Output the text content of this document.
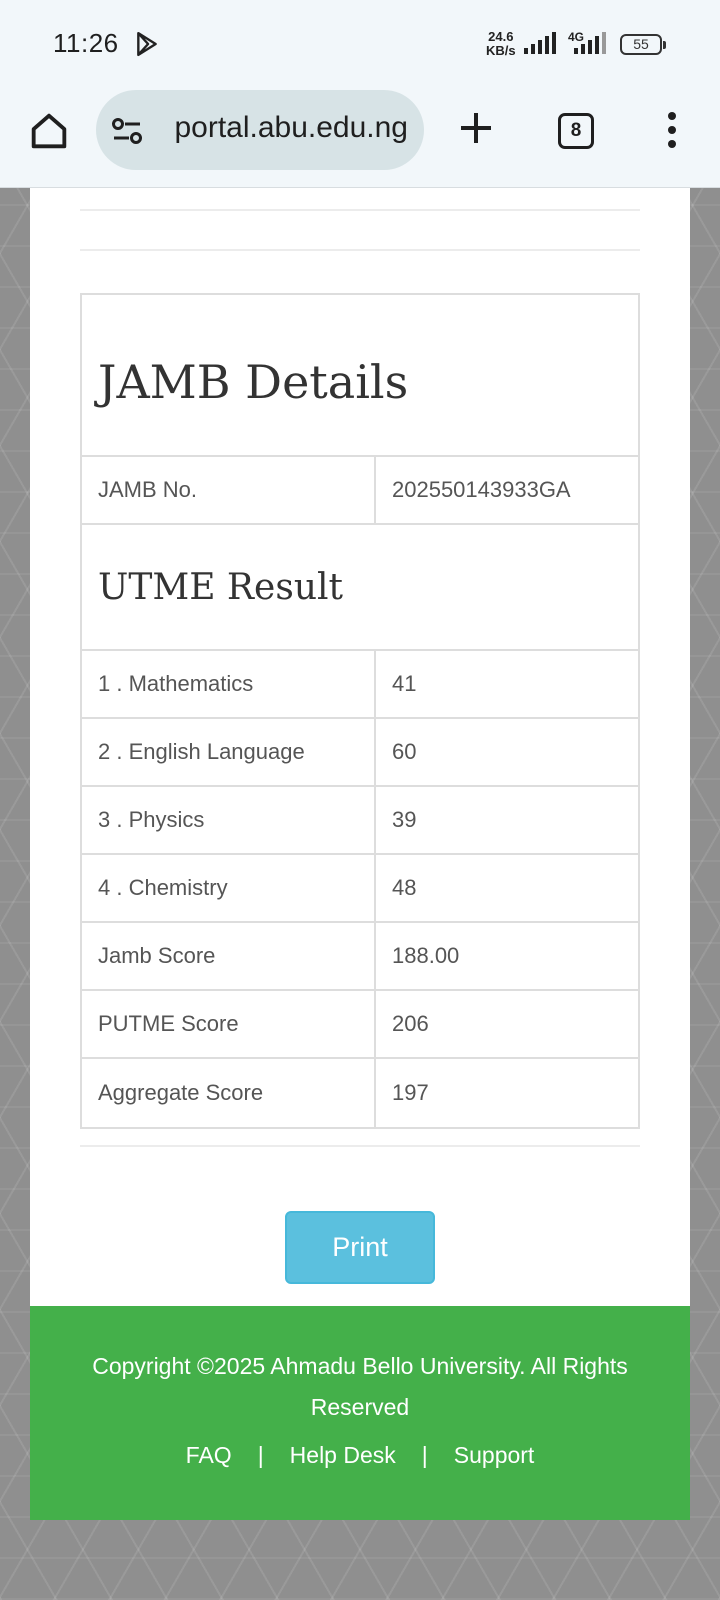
11:26	24.6
KB/s
4G	55
portal.abu.edu.ng	8
JAMB Details
JAMB No.	202550143933GA
UTME Result
1 . Mathematics	41
2 . English Language	60
3 . Physics	39
4 . Chemistry	48
Jamb Score	188.00
PUTME Score	206
Aggregate Score	197
Print
Copyright ©2025 Ahmadu Bello University. All Rights Reserved
FAQ | Help Desk | Support
